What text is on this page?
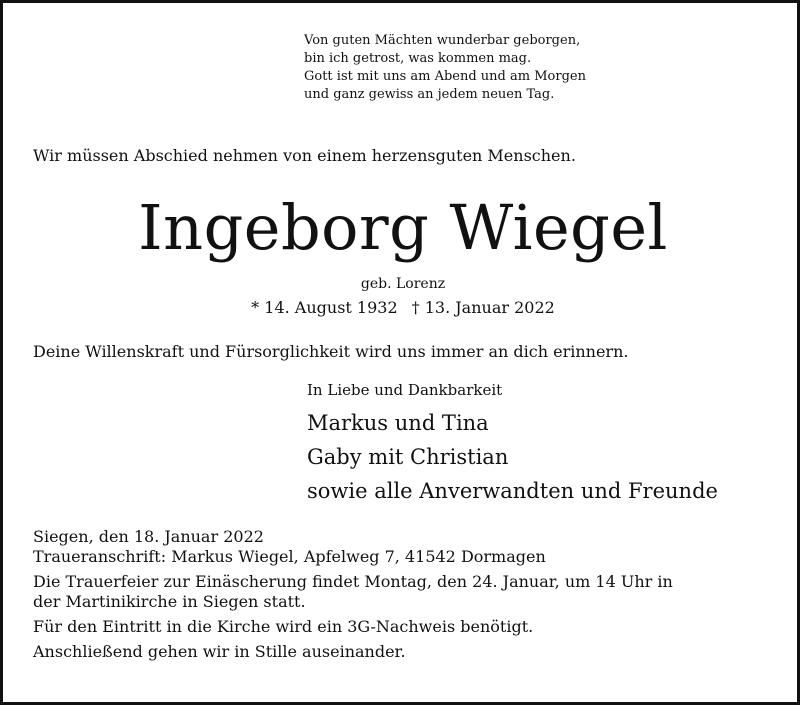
Von guten Mächten wunderbar geborgen,
bin ich getrost, was kommen mag.
Gott ist mit uns am Abend und am Morgen
und ganz gewiss an jedem neuen Tag.
Wir müssen Abschied nehmen von einem herzensguten Menschen.
Ingeborg Wiegel
geb. Lorenz
* 14. August 1932 † 13. Januar 2022
Deine Willenskraft und Fürsorglichkeit wird uns immer an dich erinnern.
In Liebe und Dankbarkeit
Markus und Tina
Gaby mit Christian
sowie alle Anverwandten und Freunde
Siegen, den 18. Januar 2022
Traueranschrift: Markus Wiegel, Apfelweg 7, 41542 Dormagen
Die Trauerfeier zur Einäscherung findet Montag, den 24. Januar, um 14 Uhr in
der Martinikirche in Siegen statt.
Für den Eintritt in die Kirche wird ein 3G-Nachweis benötigt.
Anschließend gehen wir in Stille auseinander.
